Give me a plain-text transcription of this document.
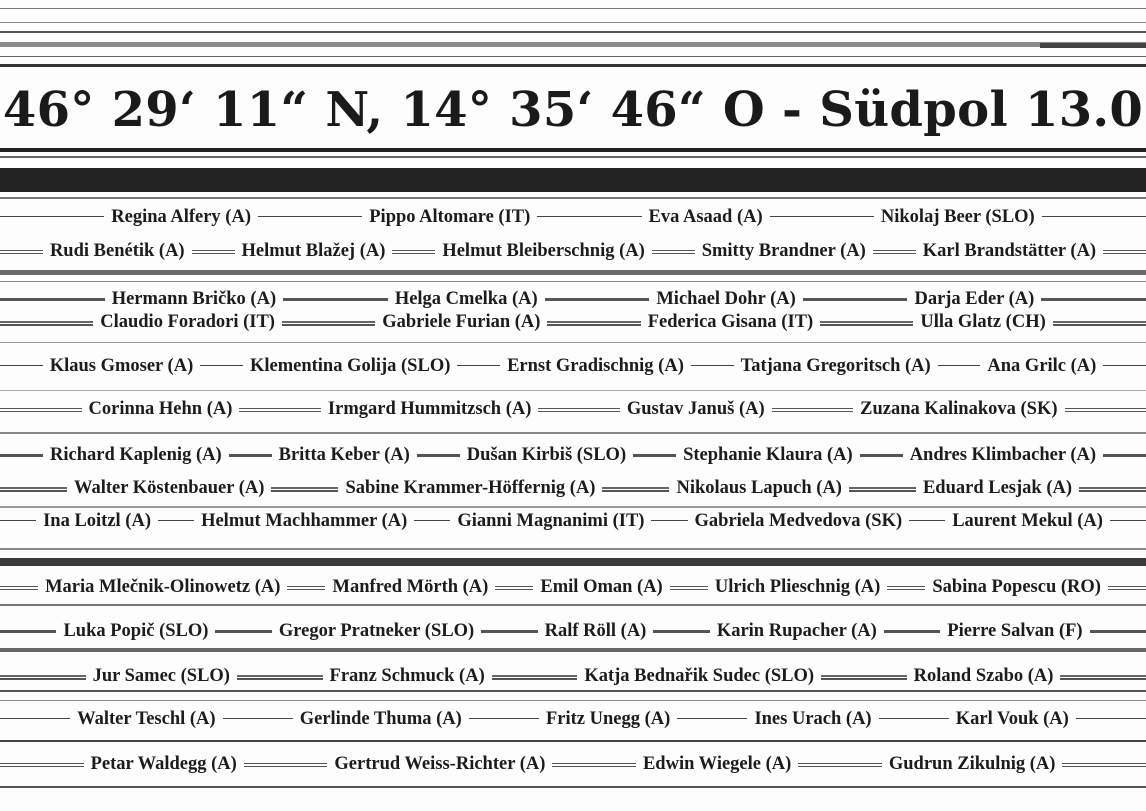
46° 29‘ 11“ N, 14° 35‘ 46“ O - Südpol 13.0
Regina Alfery (A)	Pippo Altomare (IT)	Eva Asaad (A)	Nikolaj Beer (SLO)
Rudi Benétik (A)	Helmut Blažej (A)	Helmut Bleiberschnig (A)	Smitty Brandner (A)	Karl Brandstätter (A)
Hermann Bričko (A)	Helga Cmelka (A)	Michael Dohr (A)	Darja Eder (A)
Claudio Foradori (IT)	Gabriele Furian (A)	Federica Gisana (IT)	Ulla Glatz (CH)
Klaus Gmoser (A)	Klementina Golija (SLO)	Ernst Gradischnig (A)	Tatjana Gregoritsch (A)	Ana Grilc (A)
Corinna Hehn (A)	Irmgard Hummitzsch (A)	Gustav Januš (A)	Zuzana Kalinakova (SK)
Richard Kaplenig (A)	Britta Keber (A)	Dušan Kirbiš (SLO)	Stephanie Klaura (A)	Andres Klimbacher (A)
Walter Köstenbauer (A)	Sabine Krammer-Höffernig (A)	Nikolaus Lapuch (A)	Eduard Lesjak (A)
Ina Loitzl (A)	Helmut Machhammer (A)	Gianni Magnanimi (IT)	Gabriela Medvedova (SK)	Laurent Mekul (A)
Maria Mlečnik-Olinowetz (A)	Manfred Mörth (A)	Emil Oman (A)	Ulrich Plieschnig (A)	Sabina Popescu (RO)
Luka Popič (SLO)	Gregor Pratneker (SLO)	Ralf Röll (A)	Karin Rupacher (A)	Pierre Salvan (F)
Jur Samec (SLO)	Franz Schmuck (A)	Katja Bednařik Sudec (SLO)	Roland Szabo (A)
Walter Teschl (A)	Gerlinde Thuma (A)	Fritz Unegg (A)	Ines Urach (A)	Karl Vouk (A)
Petar Waldegg (A)	Gertrud Weiss-Richter (A)	Edwin Wiegele (A)	Gudrun Zikulnig (A)
